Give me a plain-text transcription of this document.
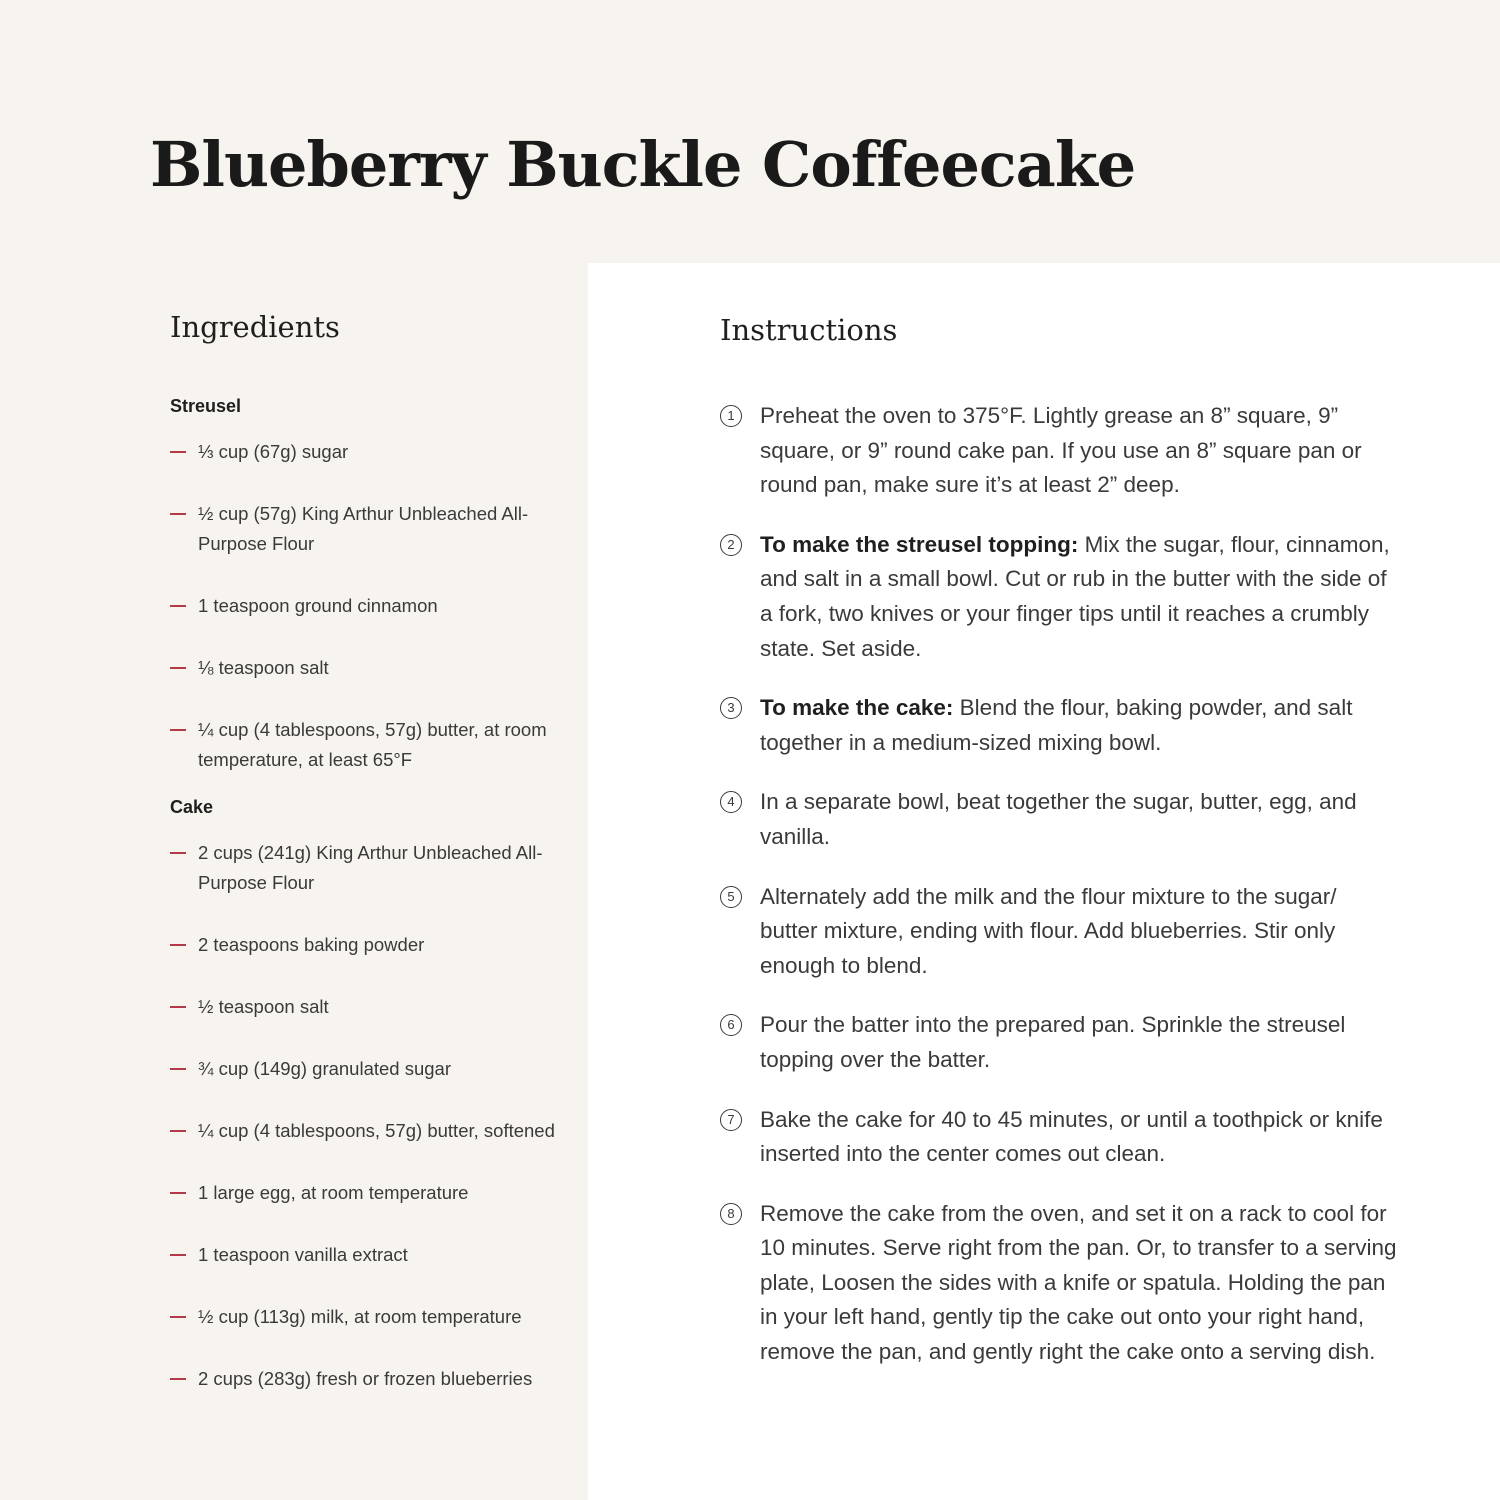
Blueberry Buckle Coffeecake
Ingredients
Streusel
⅓ cup (67g) sugar
½ cup (57g) King Arthur Unbleached All-Purpose Flour
1 teaspoon ground cinnamon
⅛ teaspoon salt
¼ cup (4 tablespoons, 57g) butter, at room temperature, at least 65°F
Cake
2 cups (241g) King Arthur Unbleached All-Purpose Flour
2 teaspoons baking powder
½ teaspoon salt
¾ cup (149g) granulated sugar
¼ cup (4 tablespoons, 57g) butter, softened
1 large egg, at room temperature
1 teaspoon vanilla extract
½ cup (113g) milk, at room temperature
2 cups (283g) fresh or frozen blueberries
Instructions
1	Preheat the oven to 375°F. Lightly grease an 8” square, 9” square, or 9” round cake pan. If you use an 8” square pan or round pan, make sure it’s at least 2” deep.
2	To make the streusel topping: Mix the sugar, flour, cinnamon, and salt in a small bowl. Cut or rub in the butter with the side of a fork, two knives or your finger tips until it reaches a crumbly state. Set aside.
3	To make the cake: Blend the flour, baking powder, and salt together in a medium-sized mixing bowl.
4	In a separate bowl, beat together the sugar, butter, egg, and vanilla.
5	Alternately add the milk and the flour mixture to the sugar/ butter mixture, ending with flour. Add blueberries. Stir only enough to blend.
6	Pour the batter into the prepared pan. Sprinkle the streusel topping over the batter.
7	Bake the cake for 40 to 45 minutes, or until a toothpick or knife inserted into the center comes out clean.
8	Remove the cake from the oven, and set it on a rack to cool for 10 minutes. Serve right from the pan. Or, to transfer to a serving plate, Loosen the sides with a knife or spatula. Holding the pan in your left hand, gently tip the cake out onto your right hand, remove the pan, and gently right the cake onto a serving dish.
